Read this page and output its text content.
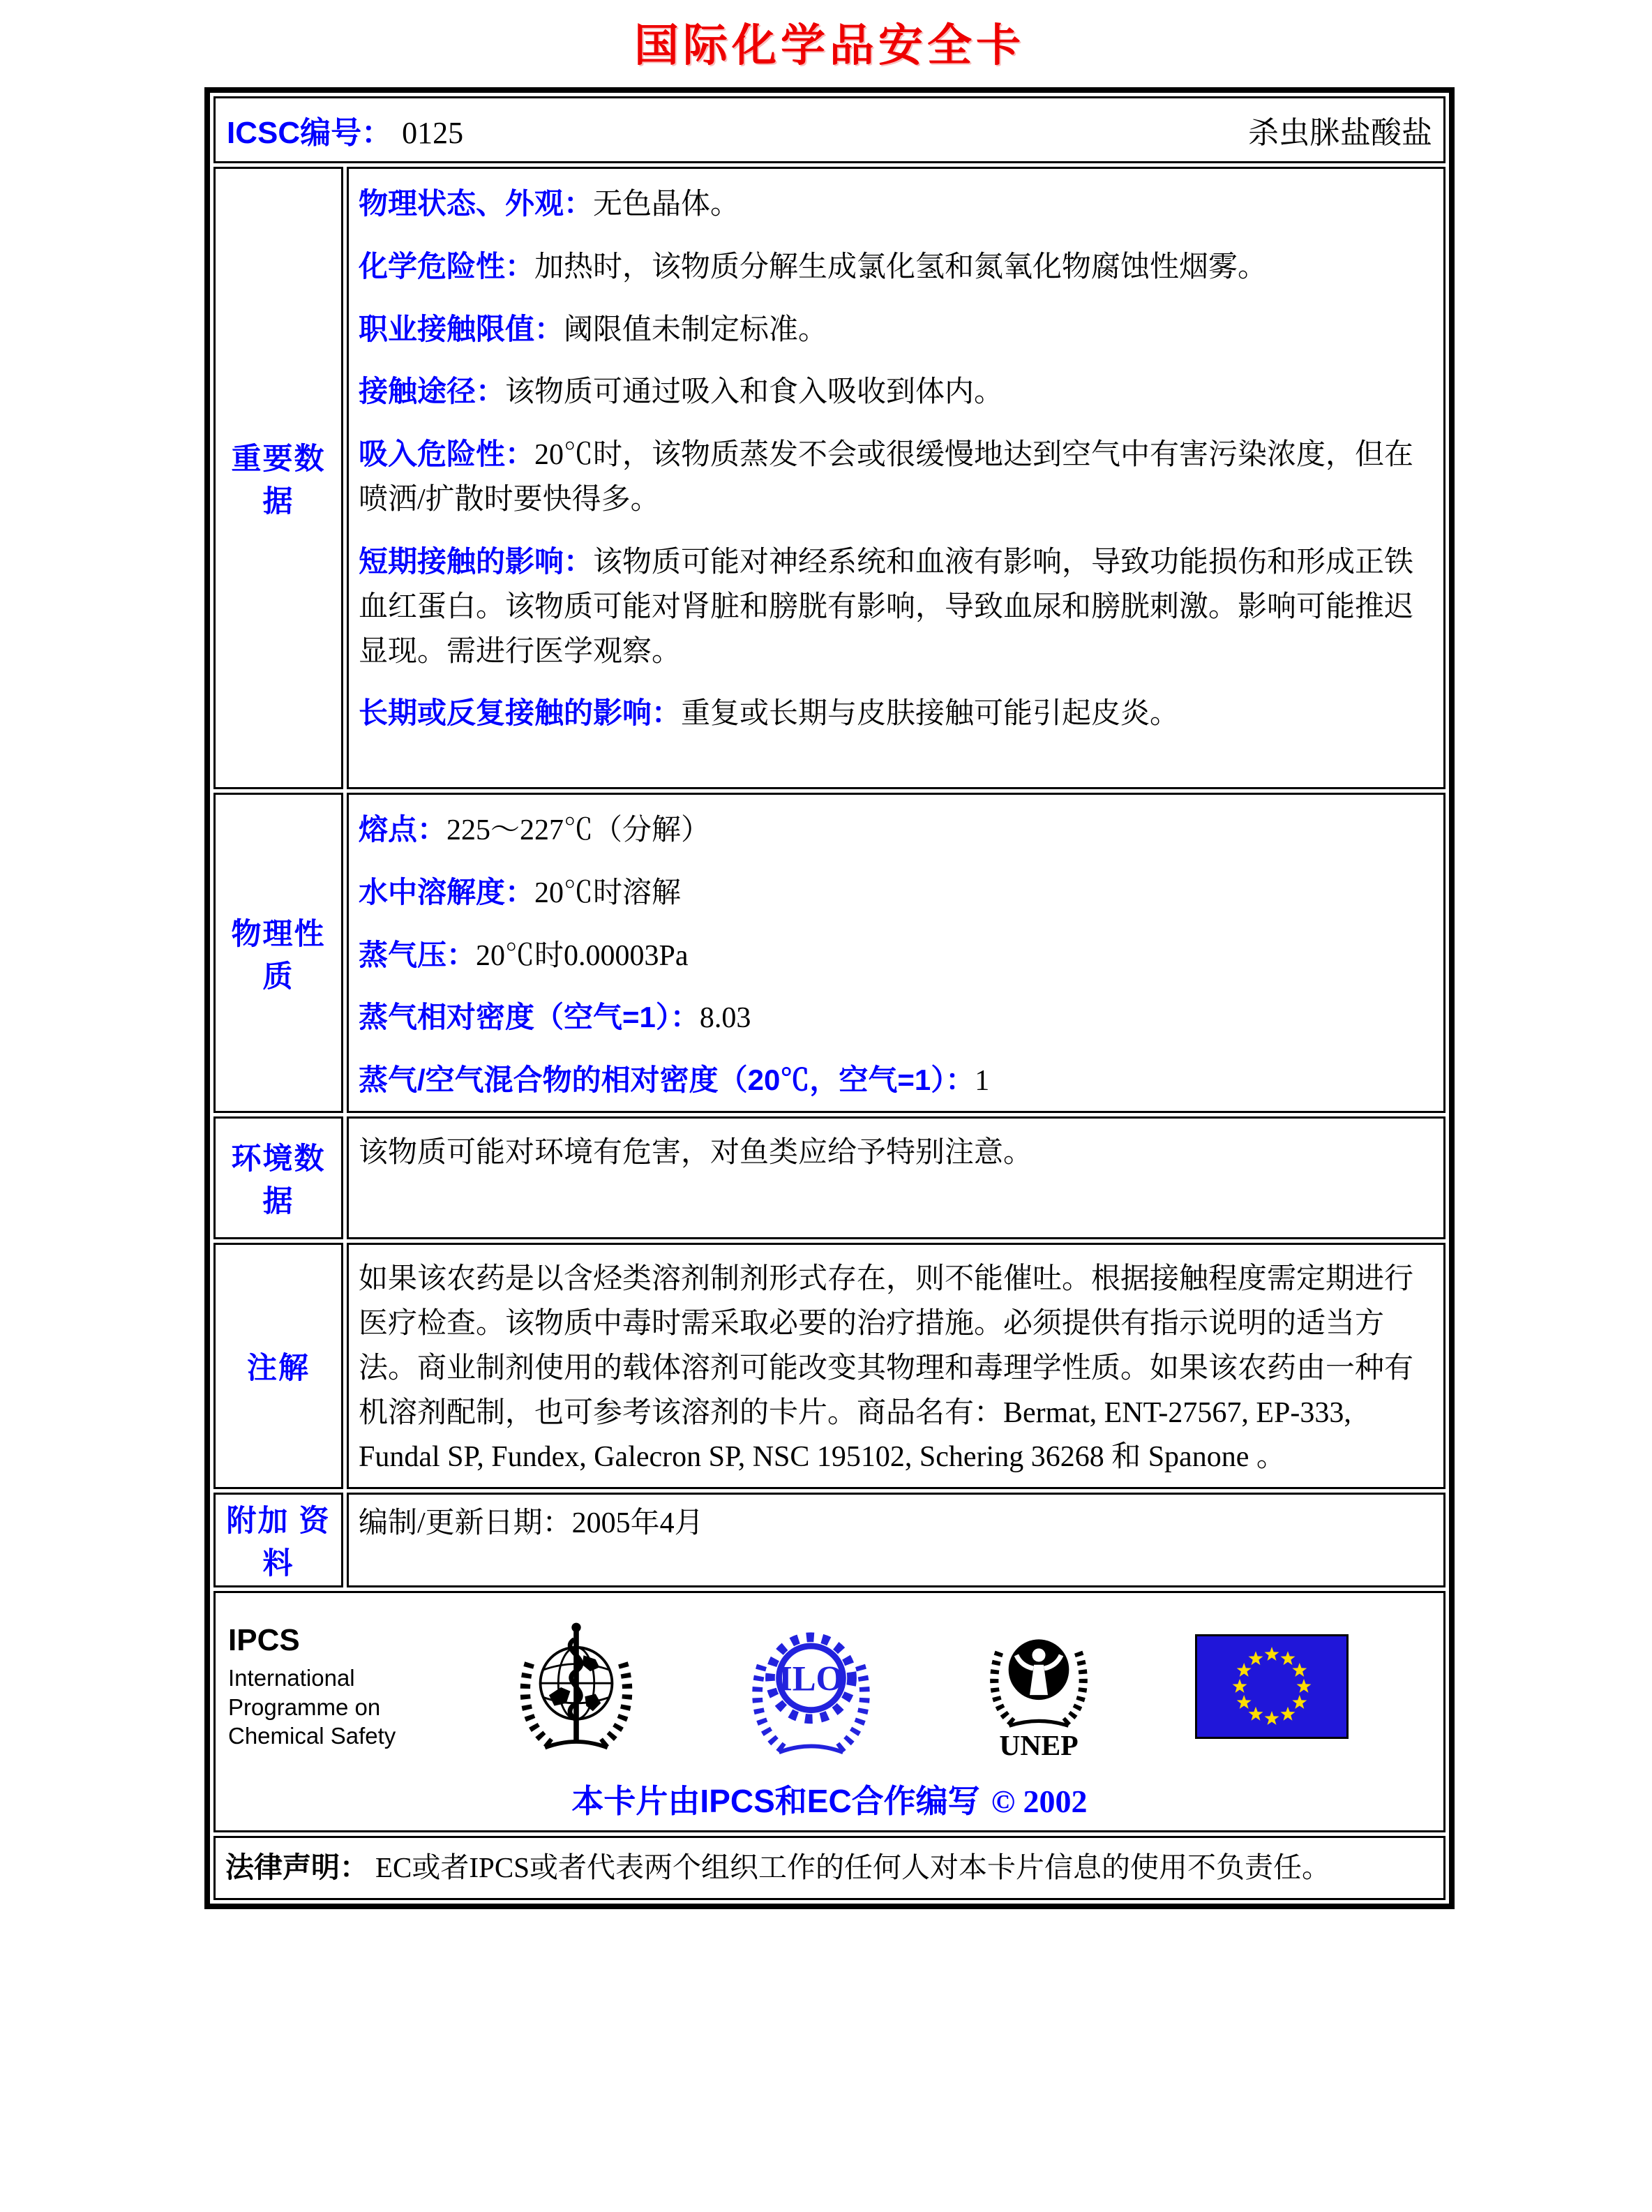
国际化学品安全卡
ICSC编号： 0125	杀虫脒盐酸盐
重要数据

物理状态、外观：无色晶体。

化学危险性：加热时，该物质分解生成氯化氢和氮氧化物腐蚀性烟雾。

职业接触限值：阈限值未制定标准。

接触途径：该物质可通过吸入和食入吸收到体内。

吸入危险性：20℃时，该物质蒸发不会或很缓慢地达到空气中有害污染浓度，但在喷洒/扩散时要快得多。

短期接触的影响：该物质可能对神经系统和血液有影响，导致功能损伤和形成正铁血红蛋白。该物质可能对肾脏和膀胱有影响，导致血尿和膀胱刺激。影响可能推迟显现。需进行医学观察。

长期或反复接触的影响：重复或长期与皮肤接触可能引起皮炎。

物理性质

熔点：225～227℃（分解）

水中溶解度：20℃时溶解

蒸气压：20℃时0.00003Pa

蒸气相对密度（空气=1）：8.03

蒸气/空气混合物的相对密度（20℃，空气=1）：1

环境数据

该物质可能对环境有危害，对鱼类应给予特别注意。

注解

如果该农药是以含烃类溶剂制剂形式存在，则不能催吐。根据接触程度需定期进行医疗检查。该物质中毒时需采取必要的治疗措施。必须提供有指示说明的适当方法。商业制剂使用的载体溶剂可能改变其物理和毒理学性质。如果该农药由一种有机溶剂配制，也可参考该溶剂的卡片。商品名有：Bermat, ENT-27567, EP-333, Fundal SP, Fundex, Galecron SP, NSC 195102, Schering 36268 和 Spanone 。

附加 资料

编制/更新日期：2005年4月

IPCS

International
Programme on
Chemical Safety
ILO
UNEP
本卡片由IPCS和EC合作编写 © 2002
法律声明： EC或者IPCS或者代表两个组织工作的任何人对本卡片信息的使用不负责任。
